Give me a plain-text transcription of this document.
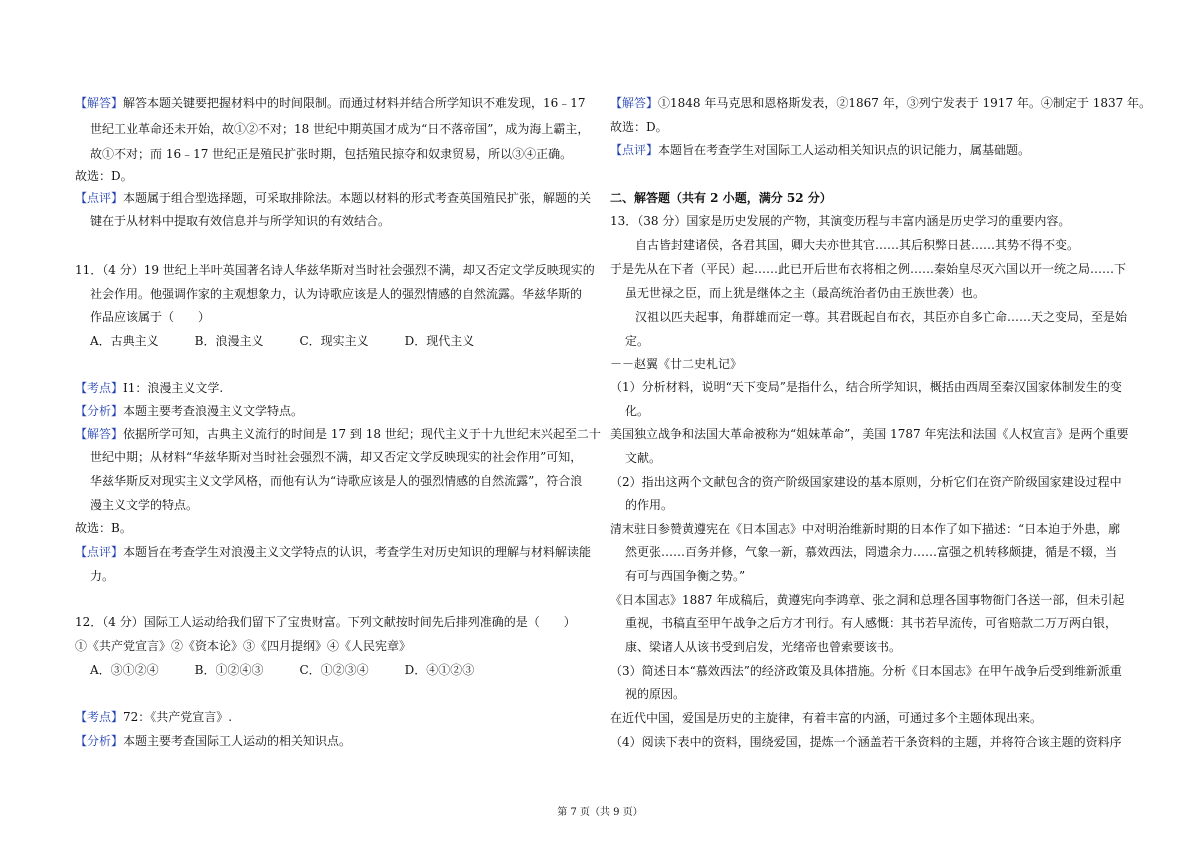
【解答】解答本题关键要把握材料中的时间限制。而通过材料并结合所学知识不难发现，16﹣17
世纪工业革命还未开始，故①②不对；18 世纪中期英国才成为“日不落帝国”，成为海上霸主，
故①不对；而 16﹣17 世纪正是殖民扩张时期，包括殖民掠夺和奴隶贸易，所以③④正确。
故选：D。
【点评】本题属于组合型选择题，可采取排除法。本题以材料的形式考查英国殖民扩张，解题的关
键在于从材料中提取有效信息并与所学知识的有效结合。
11．（4 分）19 世纪上半叶英国著名诗人华兹华斯对当时社会强烈不满，却又否定文学反映现实的
社会作用。他强调作家的主观想象力，认为诗歌应该是人的强烈情感的自然流露。华兹华斯的
作品应该属于（　　）
A．古典主义　　　B．浪漫主义　　　C．现实主义　　　D．现代主义
【考点】I1：浪漫主义文学.
【分析】本题主要考查浪漫主义文学特点。
【解答】依据所学可知，古典主义流行的时间是 17 到 18 世纪；现代主义于十九世纪末兴起至二十
世纪中期；从材料“华兹华斯对当时社会强烈不满，却又否定文学反映现实的社会作用”可知，
华兹华斯反对现实主义文学风格，而他有认为“诗歌应该是人的强烈情感的自然流露”，符合浪
漫主义文学的特点。
故选：B。
【点评】本题旨在考查学生对浪漫主义文学特点的认识，考查学生对历史知识的理解与材料解读能
力。
12．（4 分）国际工人运动给我们留下了宝贵财富。下列文献按时间先后排列准确的是（　　）
①《共产党宣言》②《资本论》③《四月提纲》④《人民宪章》
A．③①②④　　　B．①②④③　　　C．①②③④　　　D．④①②③
【考点】72：《共产党宣言》.
【分析】本题主要考查国际工人运动的相关知识点。
【解答】①1848 年马克思和恩格斯发表，②1867 年，③列宁发表于 1917 年。④制定于 1837 年。
故选：D。
【点评】本题旨在考查学生对国际工人运动相关知识点的识记能力，属基础题。
二、解答题（共有 2 小题，满分 52 分）
13．（38 分）国家是历史发展的产物，其演变历程与丰富内涵是历史学习的重要内容。
自古皆封建诸侯，各君其国，卿大夫亦世其官……其后积弊日甚……其势不得不变。
于是先从在下者（平民）起……此已开后世布衣将相之例……秦始皇尽灭六国以开一统之局……下
虽无世禄之臣，而上犹是继体之主（最高统治者仍由王族世袭）也。
汉祖以匹夫起事，角群雄而定一尊。其君既起自布衣，其臣亦自多亡命……天之变局，至是始
定。
－－赵翼《廿二史札记》
（1）分析材料，说明“天下变局”是指什么，结合所学知识，概括由西周至秦汉国家体制发生的变
化。
美国独立战争和法国大革命被称为“姐妹革命”，美国 1787 年宪法和法国《人权宣言》是两个重要
文献。
（2）指出这两个文献包含的资产阶级国家建设的基本原则，分析它们在资产阶级国家建设过程中
的作用。
清末驻日参赞黄遵宪在《日本国志》中对明治维新时期的日本作了如下描述：“日本迫于外患，廓
然更张……百务并修，气象一新，慕效西法，罔遗余力……富强之机转移颇捷，循是不辍，当
有可与西国争衡之势。”
《日本国志》1887 年成稿后，黄遵宪向李鸿章、张之洞和总理各国事物衙门各送一部，但未引起
重视，书稿直至甲午战争之后方才刊行。有人感慨：其书若早流传，可省赔款二万万两白银，
康、梁诸人从该书受到启发，光绪帝也曾索要该书。
（3）简述日本“慕效西法”的经济政策及具体措施。分析《日本国志》在甲午战争后受到维新派重
视的原因。
在近代中国，爱国是历史的主旋律，有着丰富的内涵，可通过多个主题体现出来。
（4）阅读下表中的资料，围绕爱国，提炼一个涵盖若干条资料的主题，并将符合该主题的资料序
第 7 页（共 9 页）
